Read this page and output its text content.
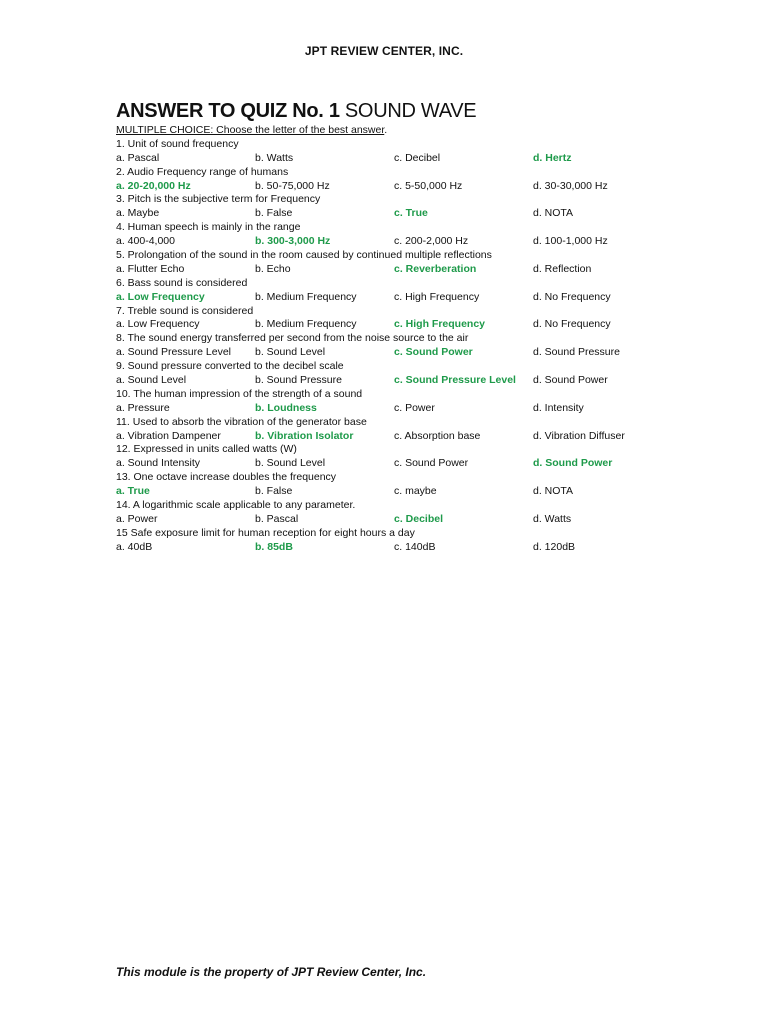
JPT REVIEW CENTER, INC.
ANSWER TO QUIZ No. 1 SOUND WAVE
MULTIPLE CHOICE: Choose the letter of the best answer.
1. Unit of sound frequency
a. Pascal	b. Watts	c. Decibel	d. Hertz
2. Audio Frequency range of humans
a. 20-20,000 Hz	b. 50-75,000 Hz	c. 5-50,000 Hz	d. 30-30,000 Hz
3. Pitch is the subjective term for Frequency
a. Maybe	b. False	c. True	d. NOTA
4. Human speech is mainly in the range
a. 400-4,000	b. 300-3,000 Hz	c. 200-2,000 Hz	d. 100-1,000 Hz
5. Prolongation of the sound in the room caused by continued multiple reflections
a. Flutter Echo	b. Echo	c. Reverberation	d. Reflection
6. Bass sound is considered
a. Low Frequency	b. Medium Frequency	c. High Frequency	d. No Frequency
7. Treble sound is considered
a. Low Frequency	b. Medium Frequency	c. High Frequency	d. No Frequency
8. The sound energy transferred per second from the noise source to the air
a. Sound Pressure Level b. Sound Level	c. Sound Power	d. Sound Pressure
9. Sound pressure converted to the decibel scale
a. Sound Level	b. Sound Pressure	c. Sound Pressure Level d. Sound Power
10. The human impression of the strength of a sound
a. Pressure	b. Loudness	c. Power	d. Intensity
11. Used to absorb the vibration of the generator base
a. Vibration Dampener	b. Vibration Isolator	c. Absorption base	d. Vibration Diffuser
12. Expressed in units called watts (W)
a. Sound Intensity	b. Sound Level	c. Sound Power	d. Sound Power
13. One octave increase doubles the frequency
a. True	b. False	c. maybe	d. NOTA
14. A logarithmic scale applicable to any parameter.
a. Power	b. Pascal	c. Decibel	d. Watts
15 Safe exposure limit for human reception for eight hours a day
a. 40dB	b. 85dB	c. 140dB	d. 120dB
This module is the property of JPT Review Center, Inc.
